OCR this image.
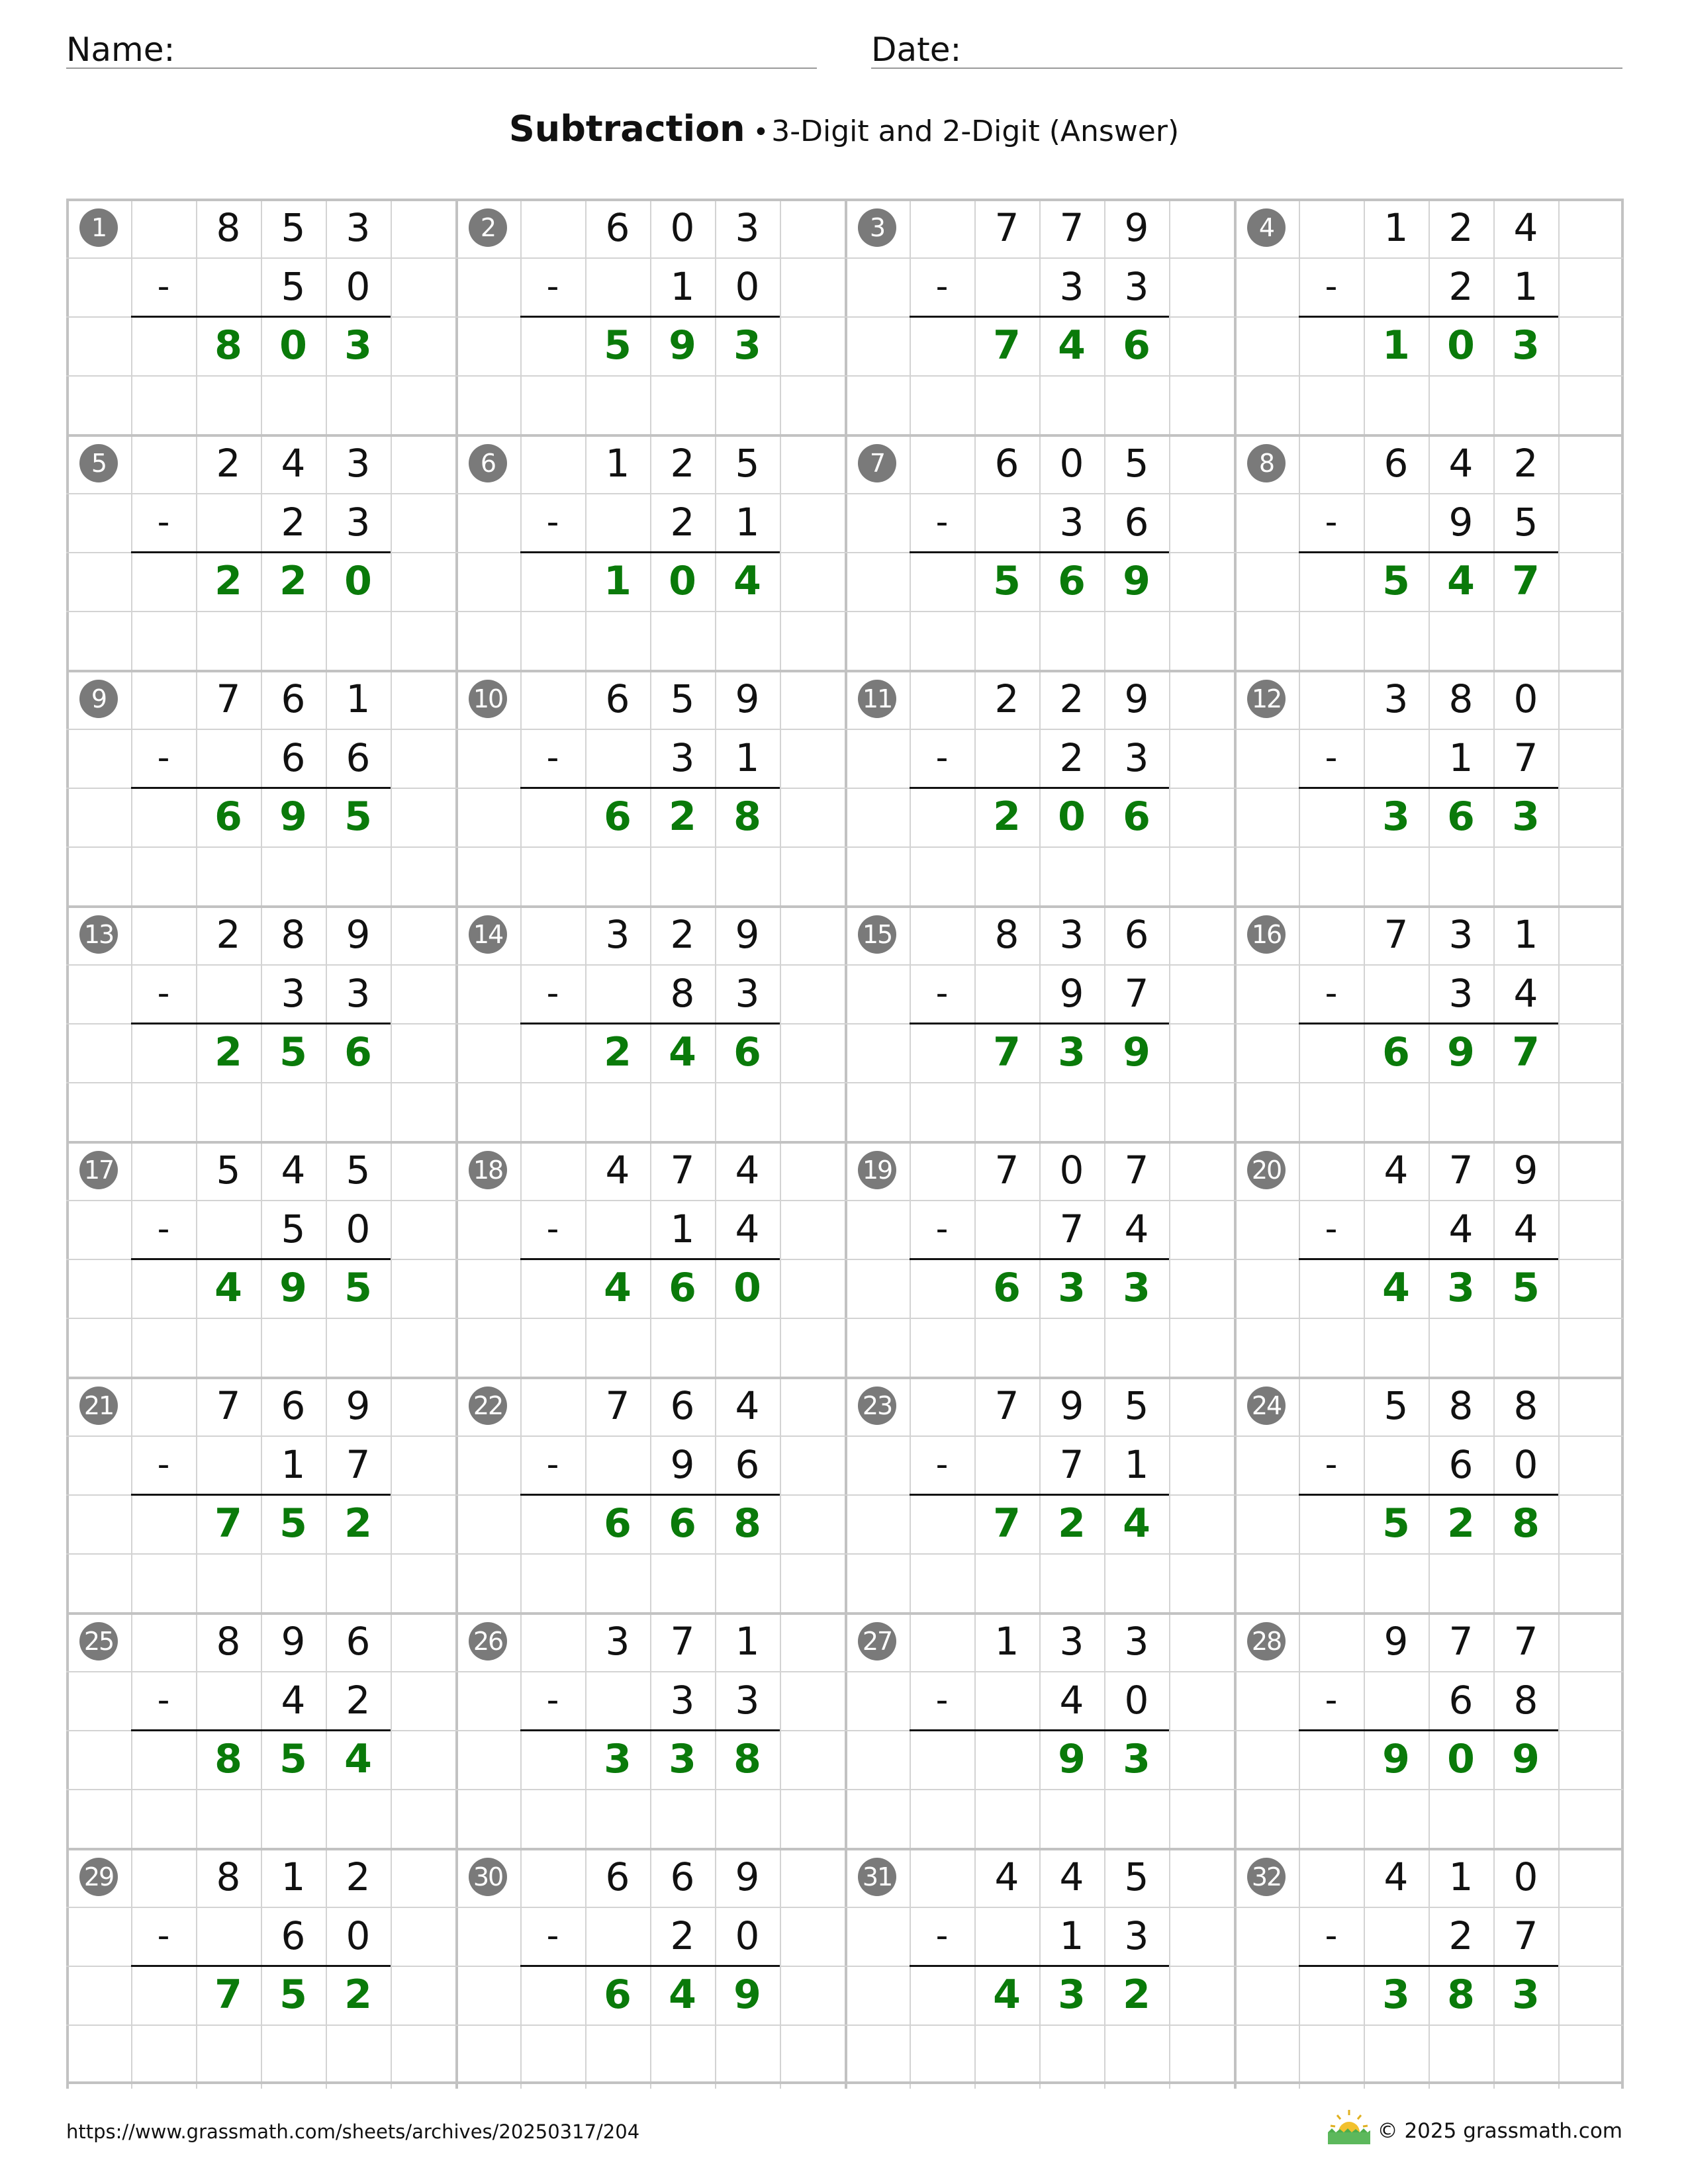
Name:	Date:
Subtraction •3-Digit and 2-Digit (Answer)
1	8	5	3
-	5	0
8 0 3
2	6	0	3
-	1	0
5 9 3
3	7	7	9
-	3	3
7 4 6
4	1	2	4
-	2	1
1 0 3
5	2	4	3
-	2	3
2 2 0
6	1	2	5
-	2	1
1 0 4
7	6	0	5
-	3	6
5 6 9
8	6	4	2
-	9	5
5 4 7
9	7	6	1
-	6	6
6 9 5
10	6	5	9
-	3	1
6 2 8
11	2	2	9
-	2	3
2 0 6
12	3	8	0
-	1	7
3 6 3
13	2	8	9
-	3	3
2 5 6
14	3	2	9
-	8	3
2 4 6
15	8	3	6
-	9	7
7 3 9
16	7	3	1
-	3	4
6 9 7
17	5	4	5
-	5	0
4 9 5
18	4	7	4
-	1	4
4 6 0
19	7	0	7
-	7	4
6 3 3
20	4	7	9
-	4	4
4 3 5
21	7	6	9
-	1	7
7 5 2
22	7	6	4
-	9	6
6 6 8
23	7	9	5
-	7	1
7 2 4
24	5	8	8
-	6	0
5 2 8
25	8	9	6
-	4	2
8 5 4
26	3	7	1
-	3	3
3 3 8
27	1	3	3
-	4	0
9 3
28	9	7	7
-	6	8
9 0 9
29	8	1	2
-	6	0
7 5 2
30	6	6	9
-	2	0
6 4 9
31	4	4	5
-	1	3
4 3 2
32	4	1	0
-	2	7
3 8 3
https://www.grassmath.com/sheets/archives/20250317/204	© 2025 grassmath.com
